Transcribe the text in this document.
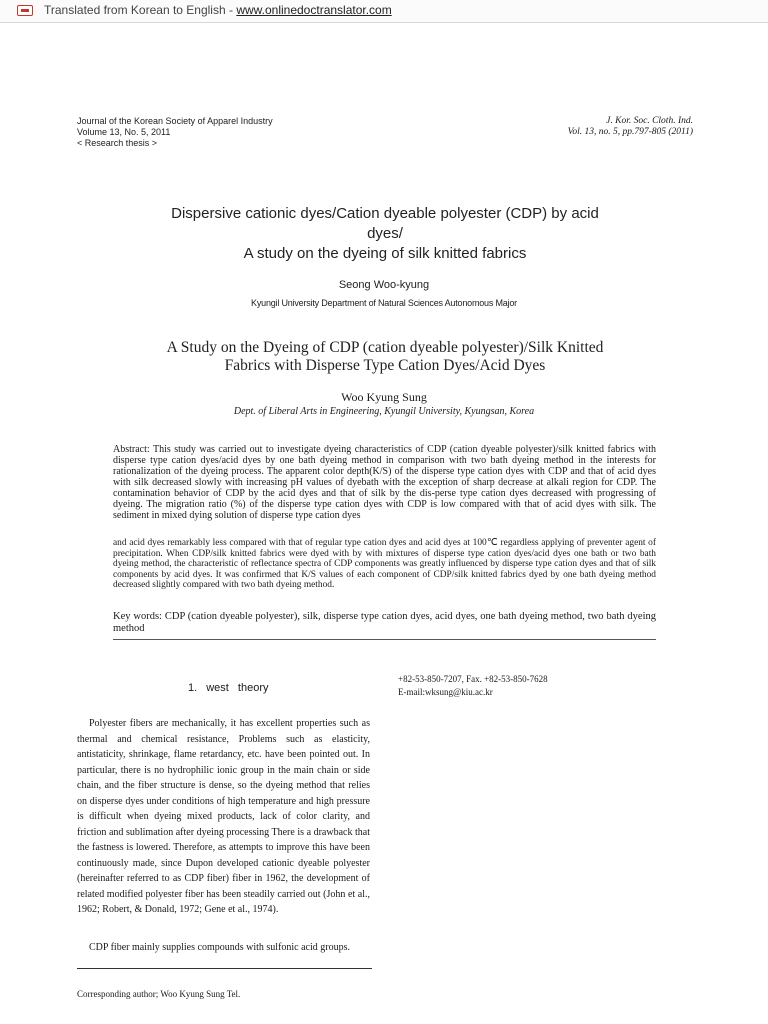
Translated from Korean to English - www.onlinedoctranslator.com
Journal of the Korean Society of Apparel Industry
Volume 13, No. 5, 2011
< Research thesis >
J. Kor. Soc. Cloth. Ind.
Vol. 13, no. 5, pp.797-805 (2011)
Dispersive cationic dyes/Cation dyeable polyester (CDP) by acid
dyes/
A study on the dyeing of silk knitted fabrics
Seong Woo-kyung
Kyungil University Department of Natural Sciences Autonomous Major
A Study on the Dyeing of CDP (cation dyeable polyester)/Silk Knitted
Fabrics with Disperse Type Cation Dyes/Acid Dyes
Woo Kyung Sung
Dept. of Liberal Arts in Engineering, Kyungil University, Kyungsan, Korea

Abstract: This study was carried out to investigate dyeing characteristics of CDP (cation dyeable polyester)/silk knitted fabrics with disperse type cation dyes/acid dyes by one bath dyeing method in comparison with two bath dyeing method in the interests for rationalization of the dyeing process. The apparent color depth(K/S) of the disperse type cation dyes with CDP and that of acid dyes with silk decreased slowly with increasing pH values of dyebath with the exception of sharp decrease at alkali region for CDP. The contamination behavior of CDP by the acid dyes and that of silk by the dis-perse type cation dyes decreased with progressing of dyeing. The migration ratio (%) of the disperse type cation dyes with CDP is low compared with that of acid dyes with silk. The sediment in mixed dying solution of disperse type cation dyes

and acid dyes remarkably less compared with that of regular type cation dyes and acid dyes at 100℃ regardless applying of preventer agent of precipitation. When CDP/silk knitted fabrics were dyed with by with mixtures of disperse type cation dyes/acid dyes one bath or two bath dyeing method, the characteristic of reflectance spectra of CDP components was greatly influenced by disperse type cation dyes and that of silk components by acid dyes. It was confirmed that K/S values of each component of CDP/silk knitted fabrics dyed by one bath dyeing method decreased slightly compared with two bath dyeing method.

Key words: CDP (cation dyeable polyester), silk, disperse type cation dyes, acid dyes, one bath dyeing method, two bath dyeing method
1. west theory
+82-53-850-7207, Fax. +82-53-850-7628
E-mail:wksung@kiu.ac.kr

Polyester fibers are mechanically, it has excellent properties such as thermal and chemical resistance, Problems such as elasticity, antistaticity, shrinkage, flame retardancy, etc. have been pointed out. In particular, there is no hydrophilic ionic group in the main chain or side chain, and the fiber structure is dense, so the dyeing method that relies on disperse dyes under conditions of high temperature and high pressure is difficult when dyeing mixed products, lack of color clarity, and friction and sublimation after dyeing processing There is a drawback that the fastness is lowered. Therefore, as attempts to improve this have been continuously made, since Dupon developed cationic dyeable polyester (hereinafter referred to as CDP fiber) fiber in 1962, the development of related modified polyester fiber has been steadily carried out (John et al., 1962; Robert, & Donald, 1972; Gene et al., 1974).

CDP fiber mainly supplies compounds with sulfonic acid groups.

Corresponding author; Woo Kyung Sung Tel.
